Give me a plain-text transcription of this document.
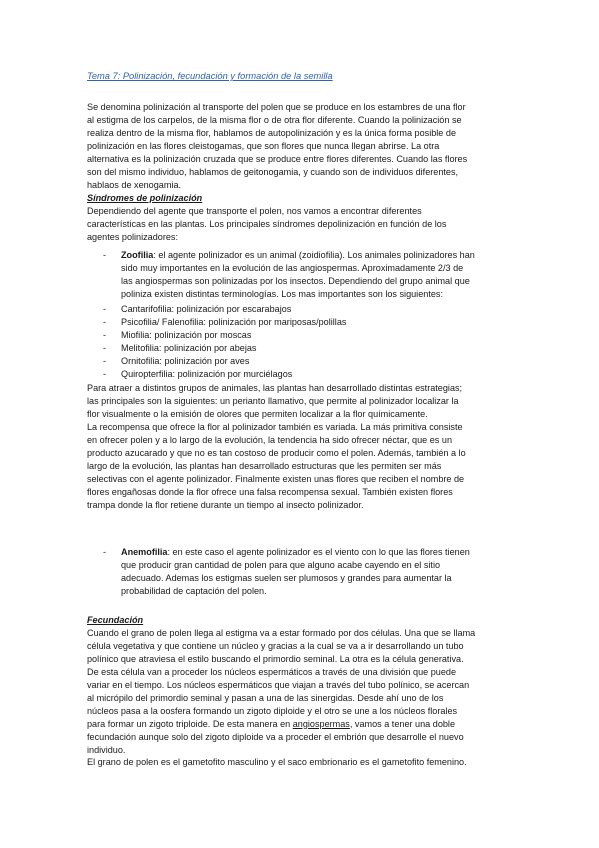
Tema 7: Polinización, fecundación y formación de la semilla
Se denomina polinización al transporte del polen que se produce en los estambres de una flor
al estigma de los carpelos, de la misma flor o de otra flor diferente. Cuando la polinización se
realiza dentro de la misma flor, hablamos de autopolinización y es la única forma posible de
polinización en las flores cleistogamas, que son flores que nunca llegan abrirse. La otra
alternativa es la polinización cruzada que se produce entre flores diferentes. Cuando las flores
son del mismo individuo, hablamos de geitonogamia, y cuando son de individuos diferentes,
hablaos de xenogamia.
Síndromes de polinización
Dependiendo del agente que transporte el polen, nos vamos a encontrar diferentes
características en las plantas. Los principales síndromes depolinización en función de los
agentes polinizadores:
- Zoofilia: el agente polinizador es un animal (zoidiofilia). Los animales polinizadores han
sido muy importantes en la evolución de las angiospermas. Aproximadamente 2/3 de
las angiospermas son polinizadas por los insectos. Dependiendo del grupo animal que
poliniza existen distintas terminologías. Los mas importantes son los siguientes:
- Cantarifofilia: polinización por escarabajos
- Psicofilia/ Falenofilia: polinización por mariposas/polillas
- Miofilia: polinización por moscas
- Melitofilia: polinización por abejas
- Ornitofilia: polinización por aves
- Quiropterfilia: polinización por murciélagos
Para atraer a distintos grupos de animales, las plantas han desarrollado distintas estrategias;
las principales son la siguientes: un perianto llamativo, que permite al polinizador localizar la
flor visualmente o la emisión de olores que permiten localizar a la flor químicamente.
La recompensa que ofrece la flor al polinizador también es variada. La más primitiva consiste
en ofrecer polen y a lo largo de la evolución, la tendencia ha sido ofrecer néctar, que es un
producto azucarado y que no es tan costoso de producir como el polen. Además, también a lo
largo de la evolución, las plantas han desarrollado estructuras que les permiten ser más
selectivas con el agente polinizador. Finalmente existen unas flores que reciben el nombre de
flores engañosas donde la flor ofrece una falsa recompensa sexual. También existen flores
trampa donde la flor retiene durante un tiempo al insecto polinizador.
- Anemofilia: en este caso el agente polinizador es el viento con lo que las flores tienen
que producir gran cantidad de polen para que alguno acabe cayendo en el sitio
adecuado. Ademas los estigmas suelen ser plumosos y grandes para aumentar la
probabilidad de captación del polen.
Fecundación
Cuando el grano de polen llega al estigma va a estar formado por dos células. Una que se llama
célula vegetativa y que contiene un núcleo y gracias a la cual se va a ir desarrollando un tubo
polínico que atraviesa el estilo buscando el primordio seminal. La otra es la célula generativa.
De esta célula van a proceder los núcleos espermáticos a través de una división que puede
variar en el tiempo. Los núcleos espermáticos que viajan a través del tubo polínico, se acercan
al micrópilo del primordio seminal y pasan a una de las sinergidas. Desde ahí uno de los
núcleos pasa a la oosfera formando un zigoto diploide y el otro se une a los núcleos florales
para formar un zigoto triploide. De esta manera en angiospermas, vamos a tener una doble
fecundación aunque solo del zigoto diploide va a proceder el embrión que desarrolle el nuevo
individuo.
El grano de polen es el gametofito masculino y el saco embrionario es el gametofito femenino.
